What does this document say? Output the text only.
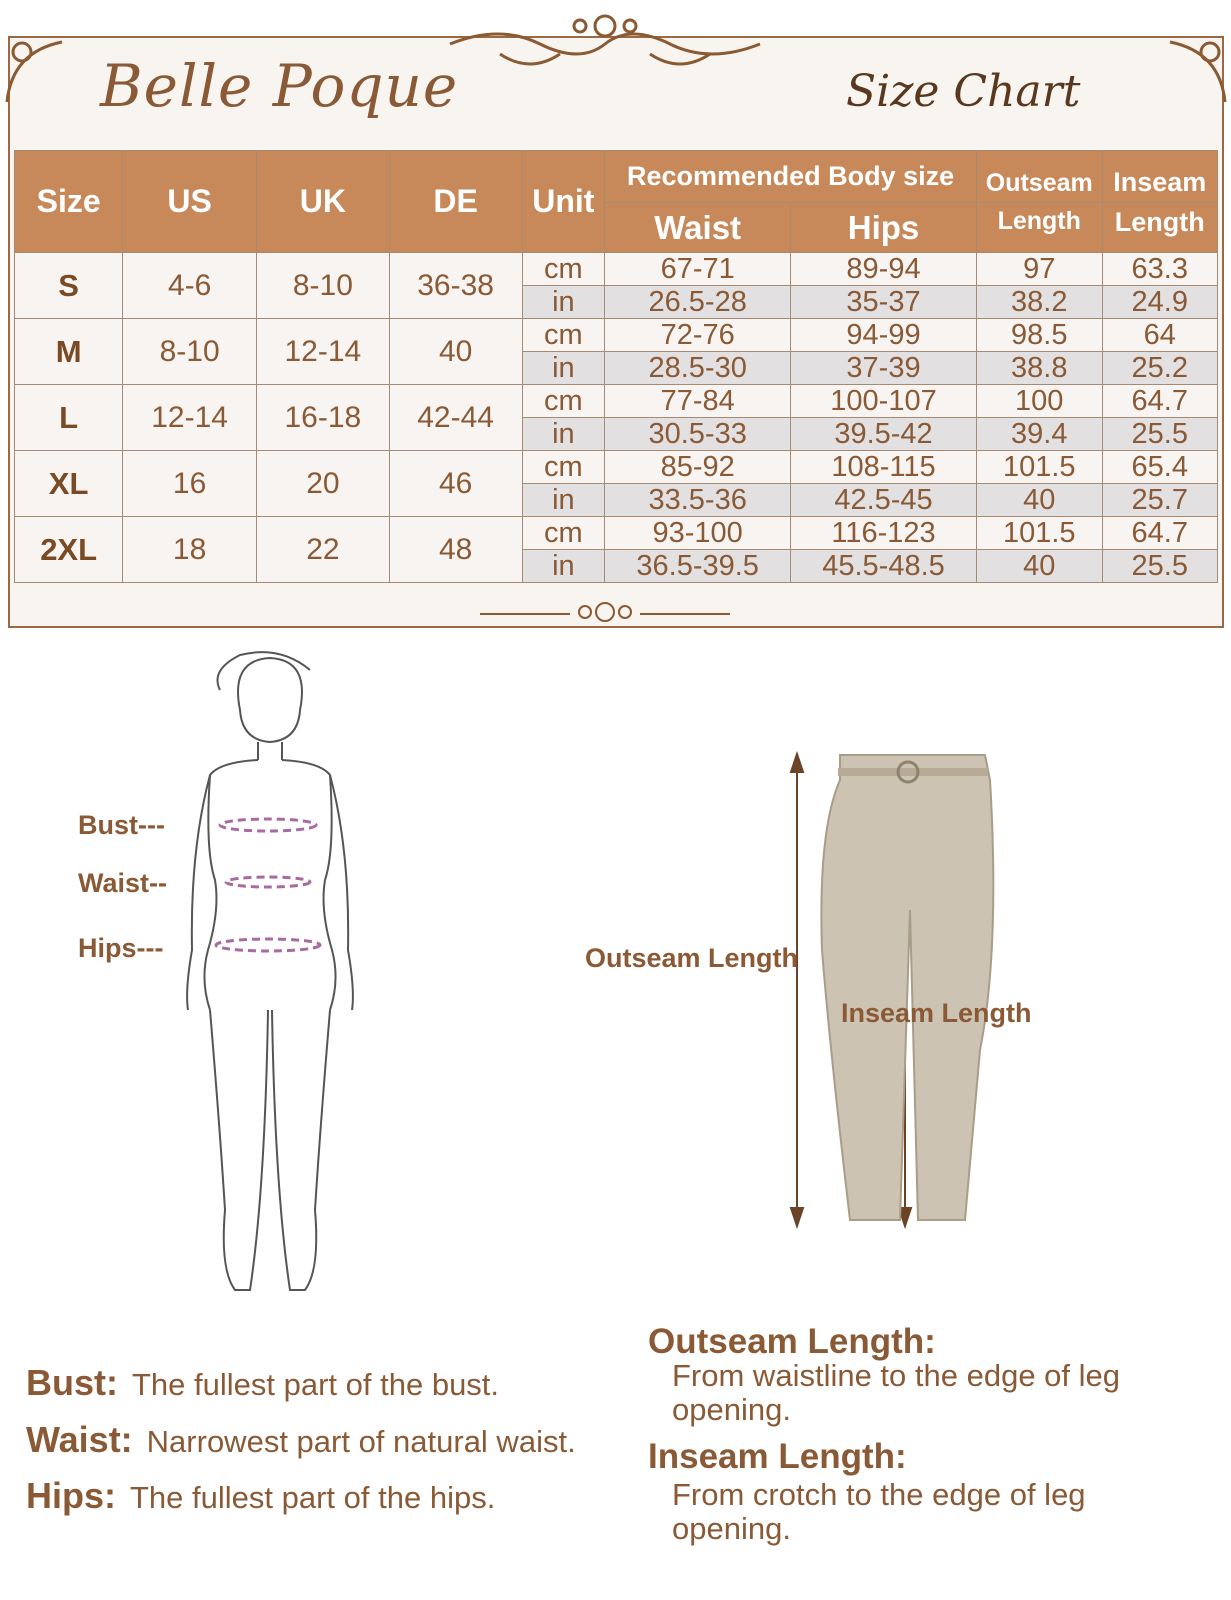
Belle Poque	Size Chart
Size	US	UK	DE	Unit	Recommended Body size		Outseam	Inseam
					Waist	Hips	Length	Length
S	4-6	8-10	36-38	cm	67-71	89-94	97	63.3
				in	26.5-28	35-37	38.2	24.9
M	8-10	12-14	40	cm	72-76	94-99	98.5	64
				in	28.5-30	37-39	38.8	25.2
L	12-14	16-18	42-44	cm	77-84	100-107	100	64.7
				in	30.5-33	39.5-42	39.4	25.5
XL	16	20	46	cm	85-92	108-115	101.5	65.4
				in	33.5-36	42.5-45	40	25.7
2XL	18	22	48	cm	93-100	116-123	101.5	64.7
				in	36.5-39.5	45.5-48.5	40	25.5
Bust---
Waist--
Hips---	Outseam Length
Inseam Length
Bust: The fullest part of the bust.
Waist: Narrowest part of natural waist.
Hips: The fullest part of the hips.
Outseam Length:
From waistline to the edge of leg opening.
Inseam Length:
From crotch to the edge of leg opening.
